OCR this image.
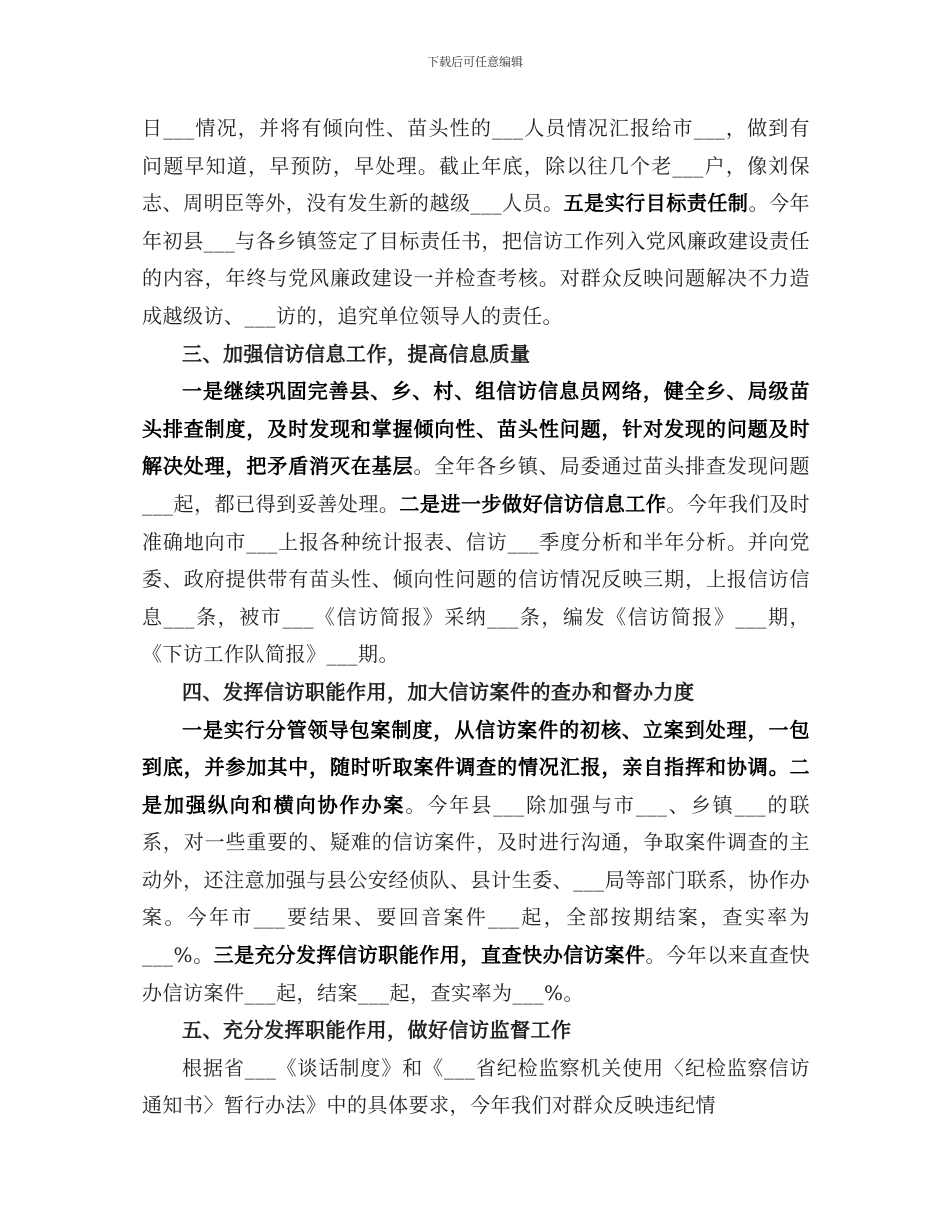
下载后可任意编辑

日___情况，并将有倾向性、苗头性的___人员情况汇报给市___，做到有问题早知道，早预防，早处理。截止年底，除以往几个老___户，像刘保志、周明臣等外，没有发生新的越级___人员。五是实行目标责任制。今年年初县___与各乡镇签定了目标责任书，把信访工作列入党风廉政建设责任的内容，年终与党风廉政建设一并检查考核。对群众反映问题解决不力造成越级访、___访的，追究单位领导人的责任。

三、加强信访信息工作，提高信息质量

一是继续巩固完善县、乡、村、组信访信息员网络，健全乡、局级苗头排查制度，及时发现和掌握倾向性、苗头性问题，针对发现的问题及时解决处理，把矛盾消灭在基层。全年各乡镇、局委通过苗头排查发现问题___起，都已得到妥善处理。二是进一步做好信访信息工作。今年我们及时准确地向市___上报各种统计报表、信访___季度分析和半年分析。并向党委、政府提供带有苗头性、倾向性问题的信访情况反映三期，上报信访信息___条，被市___《信访简报》采纳___条，编发《信访简报》___期，《下访工作队简报》___期。

四、发挥信访职能作用，加大信访案件的查办和督办力度

一是实行分管领导包案制度，从信访案件的初核、立案到处理，一包到底，并参加其中，随时听取案件调查的情况汇报，亲自指挥和协调。二是加强纵向和横向协作办案。今年县___除加强与市___、乡镇___的联系，对一些重要的、疑难的信访案件，及时进行沟通，争取案件调查的主动外，还注意加强与县公安经侦队、县计生委、___局等部门联系，协作办案。今年市___要结果、要回音案件___起，全部按期结案，查实率为___%。三是充分发挥信访职能作用，直查快办信访案件。今年以来直查快办信访案件___起，结案___起，查实率为___%。

五、充分发挥职能作用，做好信访监督工作

根据省___《谈话制度》和《___省纪检监察机关使用〈纪检监察信访通知书〉暂行办法》中的具体要求，今年我们对群众反映违纪情
